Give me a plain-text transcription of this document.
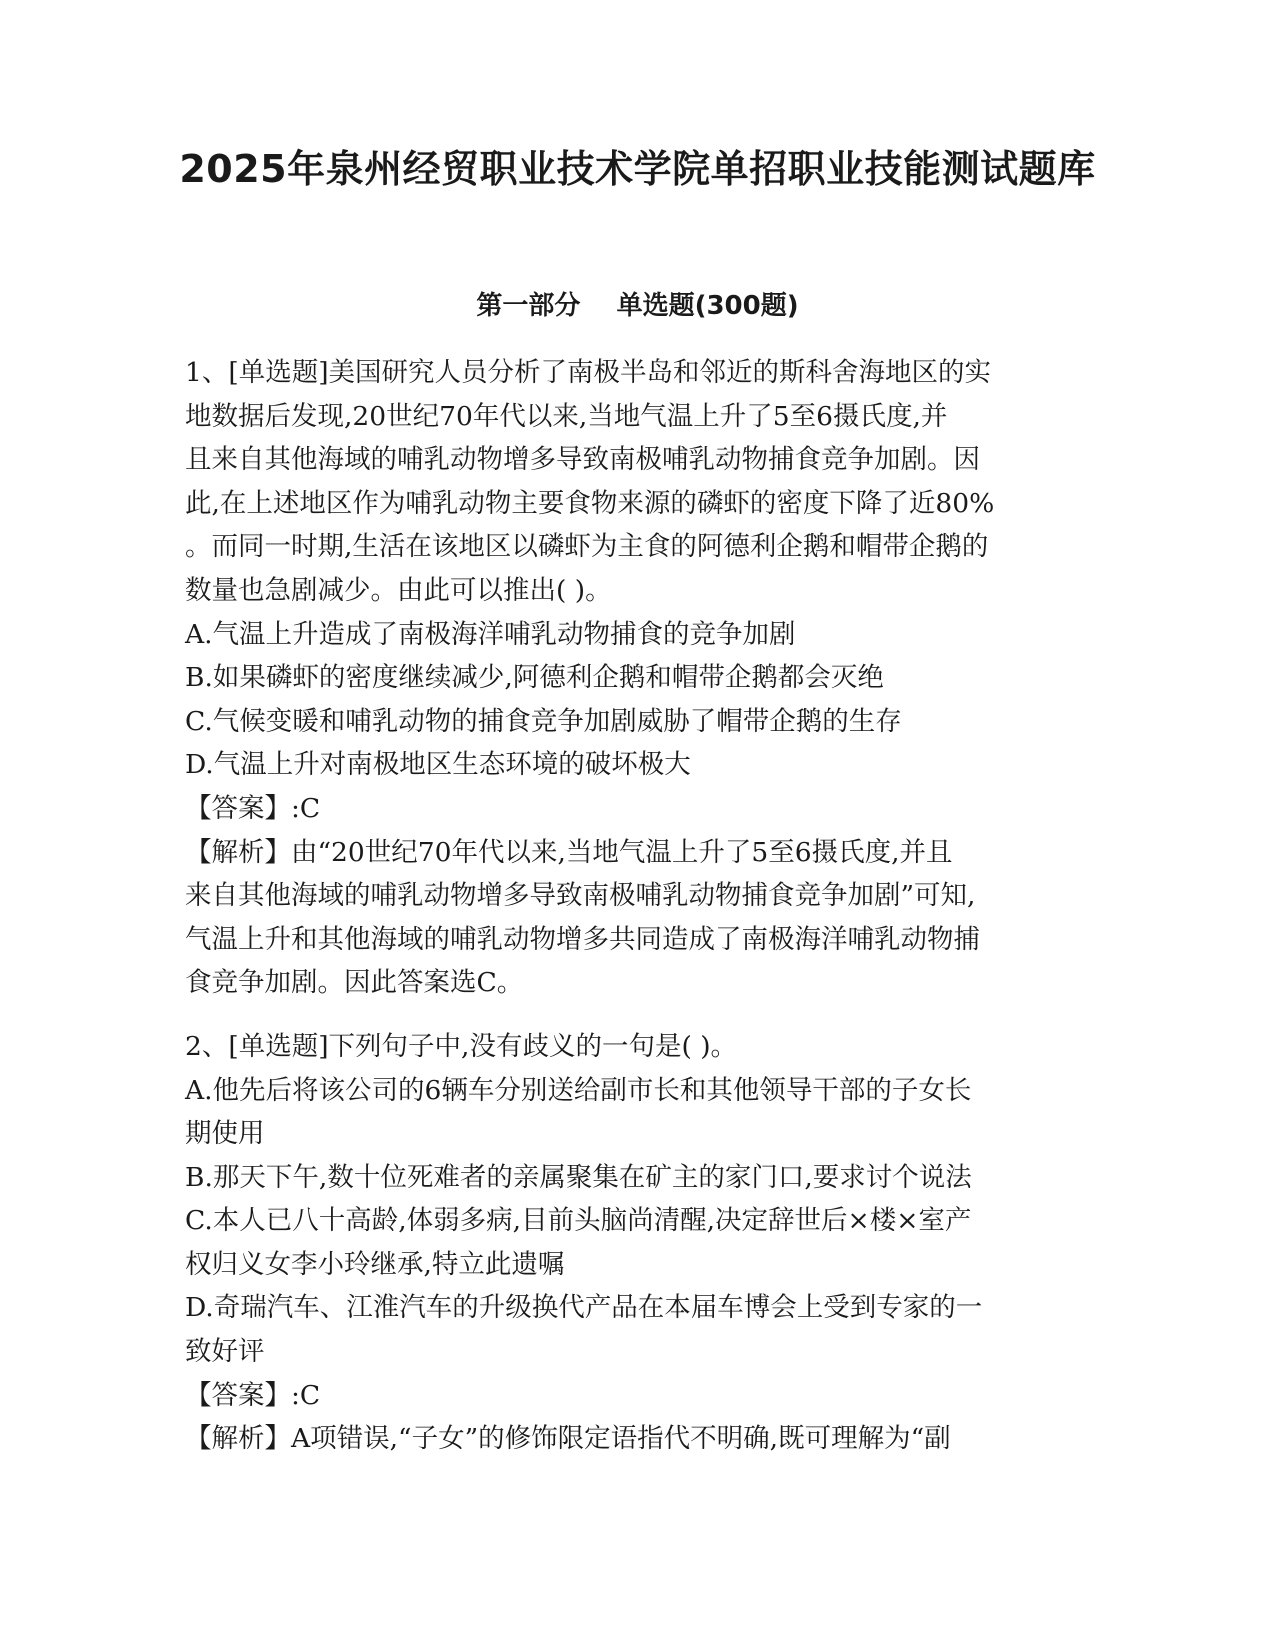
2025年泉州经贸职业技术学院单招职业技能测试题库
第一部分    单选题(300题)
1、[单选题]美国研究人员分析了南极半岛和邻近的斯科舍海地区的实
地数据后发现,20世纪70年代以来,当地气温上升了5至6摄氏度,并
且来自其他海域的哺乳动物增多导致南极哺乳动物捕食竞争加剧。因
此,在上述地区作为哺乳动物主要食物来源的磷虾的密度下降了近80%
。而同一时期,生活在该地区以磷虾为主食的阿德利企鹅和帽带企鹅的
数量也急剧减少。由此可以推出( )。
A.气温上升造成了南极海洋哺乳动物捕食的竞争加剧
B.如果磷虾的密度继续减少,阿德利企鹅和帽带企鹅都会灭绝
C.气候变暖和哺乳动物的捕食竞争加剧威胁了帽带企鹅的生存
D.气温上升对南极地区生态环境的破坏极大
【答案】:C
【解析】由“20世纪70年代以来,当地气温上升了5至6摄氏度,并且
来自其他海域的哺乳动物增多导致南极哺乳动物捕食竞争加剧”可知,
气温上升和其他海域的哺乳动物增多共同造成了南极海洋哺乳动物捕
食竞争加剧。因此答案选C。
2、[单选题]下列句子中,没有歧义的一句是( )。
A.他先后将该公司的6辆车分别送给副市长和其他领导干部的子女长
期使用
B.那天下午,数十位死难者的亲属聚集在矿主的家门口,要求讨个说法
C.本人已八十高龄,体弱多病,目前头脑尚清醒,决定辞世后×楼×室产
权归义女李小玲继承,特立此遗嘱
D.奇瑞汽车、江淮汽车的升级换代产品在本届车博会上受到专家的一
致好评
【答案】:C
【解析】A项错误,“子女”的修饰限定语指代不明确,既可理解为“副
